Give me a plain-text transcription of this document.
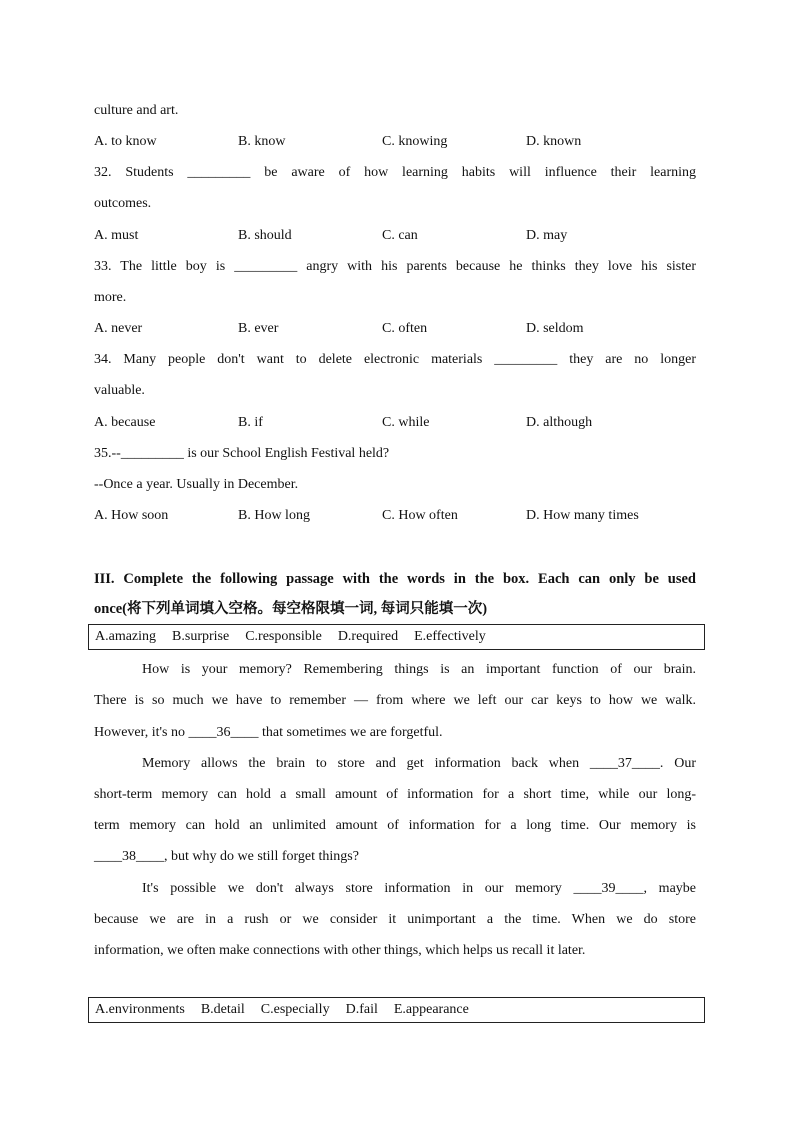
culture and art.
A. to know	B. know	C. knowing	D. known
32. Students _________ be aware of how learning habits will influence their learning
outcomes.
A. must	B. should	C. can	D. may
33. The little boy is _________ angry with his parents because he thinks they love his sister
more.
A. never	B. ever	C. often	D. seldom
34. Many people don't want to delete electronic materials _________ they are no longer
valuable.
A. because	B. if	C. while	D. although
35.--_________ is our School English Festival held?
--Once a year. Usually in December.
A. How soon	B. How long	C. How often	D. How many times
III. Complete the following passage with the words in the box. Each can only be used
once(将下列单词填入空格。每空格限填一词, 每词只能填一次)
A.amazing B.surprise C.responsible D.required E.effectively
How is your memory? Remembering things is an important function of our brain.
There is so much we have to remember — from where we left our car keys to how we walk.
However, it's no ____36____ that sometimes we are forgetful.
Memory allows the brain to store and get information back when ____37____. Our
short-term memory can hold a small amount of information for a short time, while our long-
term memory can hold an unlimited amount of information for a long time. Our memory is
____38____, but why do we still forget things?
It's possible we don't always store information in our memory ____39____, maybe
because we are in a rush or we consider it unimportant a the time. When we do store
information, we often make connections with other things, which helps us recall it later.
A.environments B.detail C.especially D.fail E.appearance
